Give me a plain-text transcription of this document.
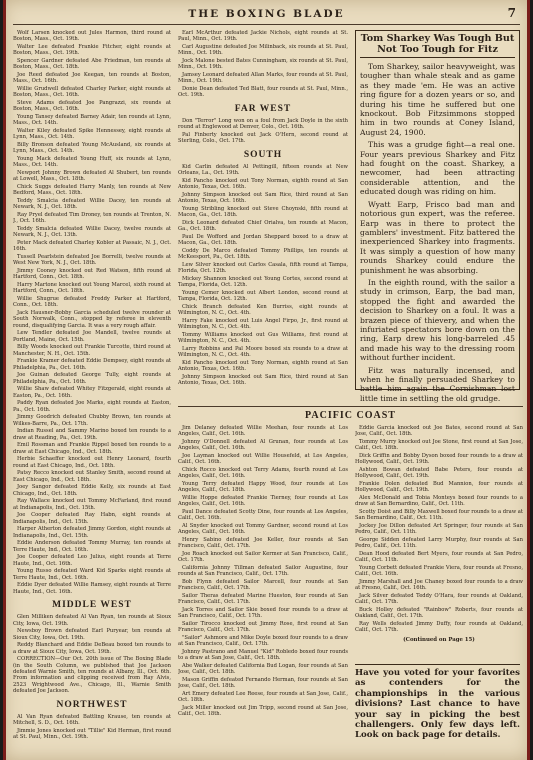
THE BOXING BLADE	7

Wolf Larsen knocked out Jules Harmon, third round at Boston, Mass., Oct. 19th.

Walter Lee defeated Frankie Fitcher, eight rounds at Boston, Mass., Oct. 19th.

Spencer Gardner defeated Abe Friedman, ten rounds at Boston, Mass., Oct. 18th.

Joe Reed defeated Joe Keegan, ten rounds at Boston, Mass., Oct. 16th.

Willie Grudwell defeated Charley Parker, eight rounds at Boston, Mass., Oct. 16th.

Steve Adams defeated Joe Pangrazzi, six rounds at Boston, Mass., Oct. 16th.

Young Tansey defeated Barney Adair, ten rounds at Lynn, Mass., Oct. 14th.

Walter Kiley defeated Spike Hennessey, eight rounds at Lynn, Mass., Oct. 14th.

Billy Bronson defeated Young McAusland, six rounds at Lynn, Mass., Oct. 14th.

Young Mack defeated Young Huff, six rounds at Lynn, Mass., Oct. 14th.

Newport Johnny Brown defeated Al Shubert, ten rounds at Lowell, Mass., Oct. 18th.

Chick Suggs defeated Harry Manly, ten rounds at New Bedford, Mass., Oct. 18th.

Teddy Smalcia defeated Willie Dacey, ten rounds at Newark, N. J., Oct. 18th.

Ray Pryel defeated Tim Droney, ten rounds at Trenton, N. J., Oct. 16th.

Teddy Smalcia defeated Willie Dacey, twelve rounds at Newark, N. J., Oct. 13th.

Peter Mack defeated Charley Kobler at Passaic, N. J., Oct. 16th.

Tussell Pearlstein defeated Joe Borrelli, twelve rounds at West New York, N. J., Oct. 18th.

Jimmy Cooney knocked out Red Watson, fifth round at Hartford, Conn., Oct. 18th.

Harry Martone knocked out Young Marcel, sixth round at Hartford, Conn., Oct. 18th.

Willie Shugrue defeated Freddy Parker at Hartford, Conn., Oct. 18th.

Jack Hausner-Bobby Garcia scheduled twelve rounder at South Norwalk, Conn., stopped by referee in eleventh round, disqualifying Garcia. It was a very rough affair.

Lew Tendler defeated Joe Mandell, twelve rounds at Portland, Maine, Oct. 15th.

Billy Woods knocked out Frankie Turcotte, third round at Manchester, N. H., Oct. 15th.

Frankie Kramer defeated Eddie Dempsey, eight rounds at Philadelphia, Pa., Oct. 16th.

Joe Guinan defeated George Tully, eight rounds at Philadelphia, Pa., Oct. 16th.

Willie Shaw defeated Whitey Fitzgerald, eight rounds at Easton, Pa., Oct. 16th.

Paddy Ryan defeated Joe Marks, eight rounds at Easton, Pa., Oct. 16th.

Jimmy Goodrich defeated Chubby Brown, ten rounds at Wilkes-Barre, Pa., Oct. 17th.

Indian Russel and Sammy Marino boxed ten rounds to a draw at Reading, Pa., Oct. 19th.

Emil Rossman and Frankie Rippel boxed ten rounds to a draw at East Chicago, Ind., Oct. 18th.

Herbie Schaeffer knocked out Henry Leonard, fourth round at East Chicago, Ind., Oct. 18th.

Patsy Recco knocked out Stanley Smith, second round at East Chicago, Ind., Oct. 18th.

Joey Sangor defeated Eddie Kelly, six rounds at East Chicago, Ind., Oct. 18th.

Ray Wallace knocked out Tommy McFarland, first round at Indianapolis, Ind., Oct. 15th.

Joe Cooper defeated Ray Habn, eight rounds at Indianapolis, Ind., Oct. 15th.

Harper Atherton defeated Jimmy Gordon, eight rounds at Indianapolis, Ind., Oct. 15th.

Eddie Anderson defeated Tommy Murray, ten rounds at Terre Haute, Ind., Oct. 16th.

Joe Cooper defeated Leo Julius, eight rounds at Terre Haute, Ind., Oct. 16th.

Young Russo defeated Ward Kid Sparks eight rounds at Terre Haute, Ind., Oct. 16th.

Eddie Dyer defeated Willie Ramsey, eight rounds at Terre Haute, Ind., Oct. 16th.

MIDDLE WEST

Glen Milliken defeated Al Van Ryan, ten rounds at Sioux City, Iowa, Oct. 19th.

Newsboy Brown defeated Earl Puryear, ten rounds at Sioux City, Iowa, Oct. 19th.

Reddy Blanchard and Eddie DeBeau boxed ten rounds to a draw at Sioux City, Iowa, Oct. 19th.

CORRECTION—Our Oct. 20th issue of The Boxing Blade (in the South Column, we published that Joe Jackson defeated Warnie Smith, ten rounds at Albany, Ill., Oct. 6th. From information and clipping received from Ray Alvis, 2523 Wrightwood Ave., Chicago, Ill., Warnie Smith defeated Joe Jackson.

NORTHWEST

Al Van Ryan defeated Battling Krause, ten rounds at Mitchell, S. D., Oct. 16th.

Jimmie Jones knocked out "Tillie" Kid Herman, first round at St. Paul, Minn., Oct. 19th.

Earl McArthur defeated Jackie Nichols, eight rounds at St. Paul, Minn., Oct. 19th.

Carl Augustine defeated Joe Milinback, six rounds at St. Paul, Minn., Oct. 19th.

Jock Malone bested Bates Cunningham, six rounds at St. Paul, Minn., Oct. 19th.

Jamsey Leonard defeated Allan Marks, four rounds at St. Paul, Minn., Oct. 19th.

Donie Dean defeated Ted Blatt, four rounds at St. Paul, Minn., Oct. 19th.

FAR WEST

Don "Terror" Long won on a foul from Jack Doyle in the sixth round at Englewood at Denver, Colo., Oct. 16th.

Pal Finberty knocked out Jack O'Hern, second round at Sterling, Colo., Oct. 17th.

SOUTH

Kid Carlin defeated Al Pettingill, fifteen rounds at New Orleans, La., Oct. 19th.

Kid Pancho knocked out Tony Norman, eighth round at San Antonio, Texas, Oct. 16th.

Johnny Simpson knocked out Sam Rice, third round at San Antonio, Texas, Oct. 16th.

Young Stribling knocked out Steve Choynski, fifth round at Macon, Ga., Oct. 18th.

Dick Leonard defeated Chief Orialva, ten rounds at Macon, Ga., Oct. 18th.

Paul De Wofford and Jordan Sheppard boxed to a draw at Macon, Ga., Oct. 18th.

Coddy De Marco defeated Tommy Phillips, ten rounds at McKeesport, Pa., Oct. 18th.

Lew Silver knocked out Carlos Casala, fifth round at Tampa, Florida, Oct. 12th.

Mickey Shannon knocked out Young Cortes, second round at Tampa, Florida, Oct. 12th.

Young Cemer knocked out Albert London, second round at Tampa, Florida, Oct. 12th.

Chick Branch defeated Ken Burriss, eight rounds at Wilmington, N. C., Oct. 4th.

Harry Fake knocked out Luis Angel Firpo, Jr., first round at Wilmington, N. C., Oct. 4th.

Tommy Williams knocked out Gus Williams, first round at Wilmington, N. C., Oct. 4th.

Larry Robbins and Pal Moore boxed six rounds to a draw at Wilmington, N. C., Oct. 4th.

Kid Pancho knocked out Tony Norman, eighth round at San Antonio, Texas, Oct. 16th.

Johnny Simpson knocked out Sam Rice, third round at San Antonio, Texas, Oct. 16th.

Tom Sharkey Was Tough But Not Too Tough for Fitz

Tom Sharkey, sailor heavyweight, was tougher than whale steak and as game as they made 'em. He was an active ring figure for a dozen years or so, and during his time he suffered but one knockout. Bob Fitzsimmons stopped him in two rounds at Coney Island, August 24, 1900.

This was a grudge fight—a real one. Four years previous Sharkey and Fitz had fought on the coast. Sharkey, a newcomer, had been attracting considerable attention, and the educated dough was riding on him.

Wyatt Earp, Frisco bad man and notorious gun expert, was the referee. Earp was in there to protect the gamblers' investment. Fitz battered the inexperienced Sharkey into fragments. It was simply a question of how many rounds Sharkey could endure the punishment he was absorbing.

In the eighth round, with the sailor a study in crimson, Earp, the bad man, stopped the fight and awarded the decision to Sharkey on a foul. It was a brazen piece of thievery, and when the infuriated spectators bore down on the ring, Earp drew his long-barreled .45 and made his way to the dressing room without further incident.

Fitz was naturally incensed, and when he finally persuaded Sharkey to battle him again the Cornishman lost little time in settling the old grudge.

PACIFIC COAST

Jim Delaney defeated Willie Meehan, four rounds at Los Angeles, Calif., Oct. 16th.

Johnny O'Donnell defeated Al Grunan, four rounds at Los Angeles, Calif., Oct. 16th.

Joe Layman knocked out Willie Housefeld, at Los Angeles, Calif., Oct. 16th.

Chick Rocco knocked out Terry Adams, fourth round at Los Angeles, Calif., Oct. 16th.

Young Terry defeated Happy Wood, four rounds at Los Angeles, Calif., Oct. 18th.

Willie Hoppe defeated Frankie Tierney, four rounds at Los Angeles, Calif., Oct. 16th.

Paul Dance defeated Scotty Dine, four rounds at Los Angeles, Calif., Oct. 16th.

Al Snyder knocked out Tommy Gardner, second round at Los Angeles, Calif., Oct. 16th.

Henry Sabino defeated Joe Keller, four rounds at San Francisco, Calif., Oct. 17th.

Joe Roach knocked out Sailor Kermer at San Francisco, Calif., Oct. 17th.

California Johnny Tillman defeated Sailor Augustine, four rounds at San Francisco, Calif., Oct. 17th.

Bob Flynn defeated Sailor Marcell, four rounds at San Francisco, Calif., Oct. 17th.

Sailor Theras defeated Marine Hueston, four rounds at San Francisco, Calif., Oct. 17th.

Jack Torres and Sailor Skie boxed four rounds to a draw at San Francisco, Calif., Oct. 17th.

Sailor Tirocco knocked out Jimmy Rose, first round at San Francisco, Calif., Oct. 17th.

"Sailor" Ashmore and Mike Doyle boxed four rounds to a draw at San Francisco, Calif., Oct. 17th.

Johnny Pastrano and Manuel "Kid" Robledo boxed four rounds to a draw at San Jose, Calif., Oct. 18th.

Abe Walker defeated California Bud Logan, four rounds at San Jose, Calif., Oct. 18th.

Mason Griffin defeated Fernando Herman, four rounds at San Jose, Calif., Oct. 18th.

Art Emery defeated Lee Reese, four rounds at San Jose, Calif., Oct. 18th.

Jack Miller knocked out Jim Tripp, second round at San Jose, Calif., Oct. 18th.

Eddie Garcia knocked out Joe Bates, second round at San Jose, Calif., Oct. 18th.

Tommy Murry knocked out Joe Stone, first round at San Jose, Calif., Oct. 18th.

Dick Griffin and Bobby Dyson boxed four rounds to a draw at Hollywood, Calif., Oct. 19th.

Ashton Bowan defeated Babe Peters, four rounds at Hollywood, Calif., Oct. 19th.

Frankie Dolen defeated Bud Mannion, four rounds at Hollywood, Calif., Oct. 19th.

Alex McDonald and Tobia Monteys boxed four rounds to a draw at San Bernardino, Calif., Oct. 11th.

Scotty Doist and Billy Maxwell boxed four rounds to a draw at San Bernardino, Calif., Oct. 11th.

Jockey Joe Dillon defeated Art Springer, four rounds at San Pedro, Calif., Oct. 11th.

George Sidden defeated Larry Murphy, four rounds at San Pedro, Calif., Oct. 11th.

Dean Hood defeated Bert Myers, four rounds at San Pedro, Calif., Oct. 11th.

Young Corbett defeated Frankie Viera, four rounds at Fresno, Calif., Oct. 16th.

Jimmy Marshall and Joe Chaney boxed four rounds to a draw at Fresno, Calif., Oct. 16th.

Jack Silver defeated Teddy O'Hara, four rounds at Oakland, Calif., Oct. 17th.

Buck Holley defeated "Rainbow" Roberts, four rounds at Oakland, Calif., Oct. 17th.

Ray Wells defeated Jimmy Duffy, four rounds at Oakland, Calif., Oct. 17th.

(Continued on Page 15)
Have you voted for your favorites as contenders for the championships in the various divisions? Last chance to have your say in picking the best challengers. Only few days left. Look on back page for details.
